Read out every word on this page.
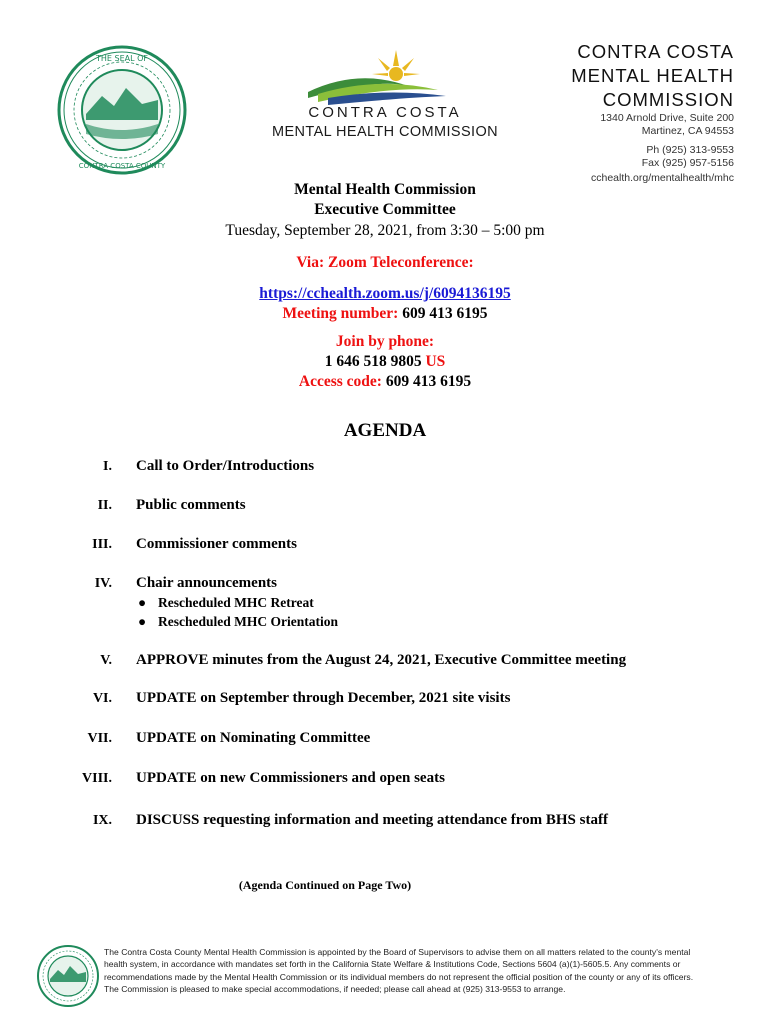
THE SEAL OF
CONTRA COSTA COUNTY
CONTRA COSTA
MENTAL HEALTH COMMISSION
CONTRA COSTA
MENTAL HEALTH
COMMISSION
1340 Arnold Drive, Suite 200
Martinez, CA 94553
Ph (925) 313-9553
Fax (925) 957-5156
cchealth.org/mentalhealth/mhc
Mental Health Commission
Executive Committee
Tuesday, September 28, 2021, from 3:30 – 5:00 pm
Via: Zoom Teleconference:
https://cchealth.zoom.us/j/6094136195
Meeting number: 609 413 6195
Join by phone:
1 646 518 9805 US
Access code: 609 413 6195
AGENDA
I. Call to Order/Introductions
II. Public comments
III. Commissioner comments
IV. Chair announcements
● Rescheduled MHC Retreat
● Rescheduled MHC Orientation
V. APPROVE minutes from the August 24, 2021, Executive Committee meeting
VI. UPDATE on September through December, 2021 site visits
VII. UPDATE on Nominating Committee
VIII. UPDATE on new Commissioners and open seats
IX. DISCUSS requesting information and meeting attendance from BHS staff
(Agenda Continued on Page Two)
The Contra Costa County Mental Health Commission is appointed by the Board of Supervisors to advise them on all matters related to the county's mental
health system, in accordance with mandates set forth in the California State Welfare & Institutions Code, Sections 5604 (a)(1)-5605.5. Any comments or
recommendations made by the Mental Health Commission or its individual members do not represent the official position of the county or any of its officers.
The Commission is pleased to make special accommodations, if needed; please call ahead at (925) 313-9553 to arrange.
